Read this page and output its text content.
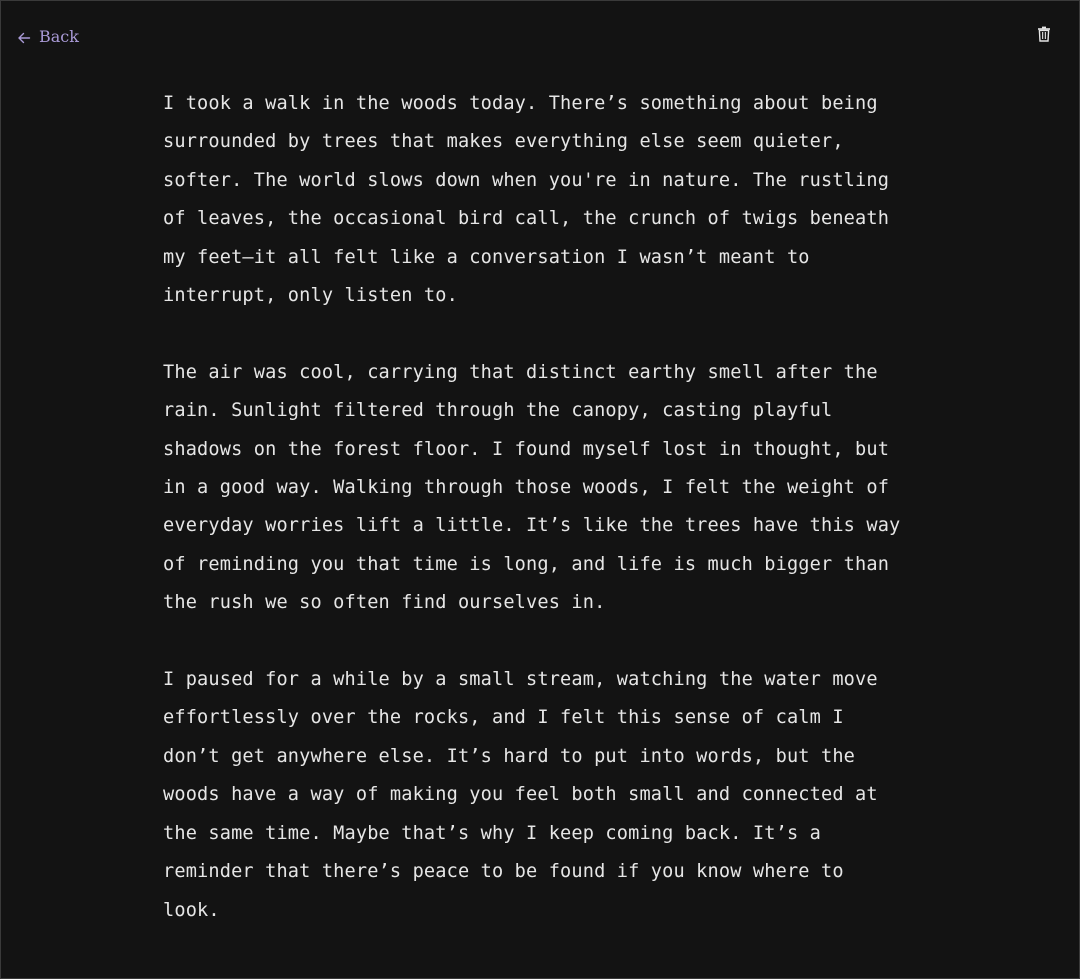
Back

I took a walk in the woods today. There’s something about being
surrounded by trees that makes everything else seem quieter,
softer. The world slows down when you're in nature. The rustling
of leaves, the occasional bird call, the crunch of twigs beneath
my feet—it all felt like a conversation I wasn’t meant to
interrupt, only listen to.

The air was cool, carrying that distinct earthy smell after the
rain. Sunlight filtered through the canopy, casting playful
shadows on the forest floor. I found myself lost in thought, but
in a good way. Walking through those woods, I felt the weight of
everyday worries lift a little. It’s like the trees have this way
of reminding you that time is long, and life is much bigger than
the rush we so often find ourselves in.

I paused for a while by a small stream, watching the water move
effortlessly over the rocks, and I felt this sense of calm I
don’t get anywhere else. It’s hard to put into words, but the
woods have a way of making you feel both small and connected at
the same time. Maybe that’s why I keep coming back. It’s a
reminder that there’s peace to be found if you know where to
look.
